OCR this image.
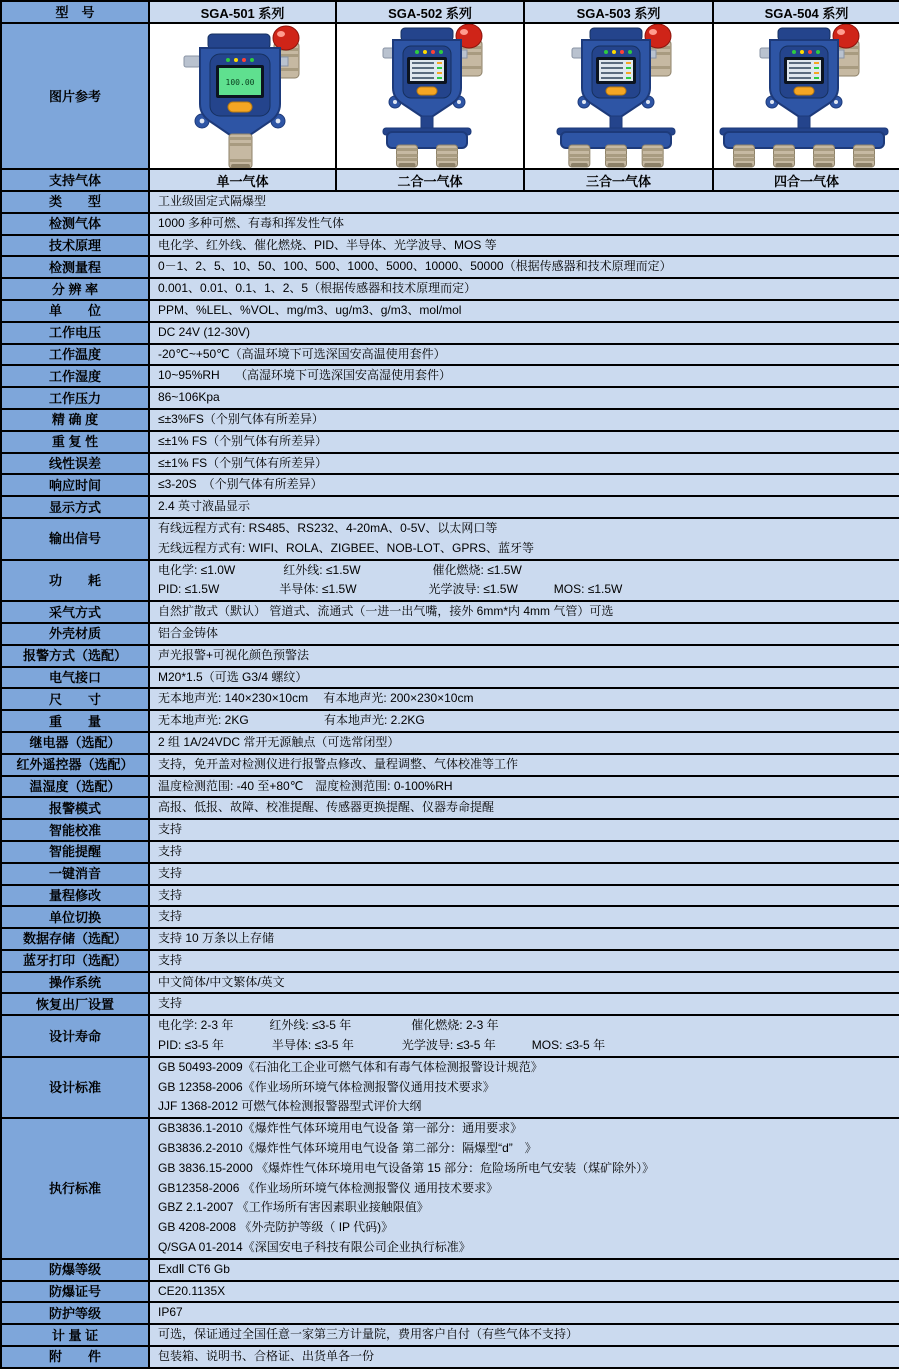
型　号	SGA-501 系列	SGA-502 系列	SGA-503 系列	SGA-504 系列
图片参考	100.00

支持气体	单一气体	二合一气体	三合一气体	四合一气体
类　　型	工业级固定式隔爆型			

检测气体	1000 多种可燃、有毒和挥发性气体			

技术原理	电化学、红外线、催化燃烧、PID、半导体、光学波导、MOS 等			

检测量程	0－1、2、5、10、50、100、500、1000、5000、10000、50000（根据传感器和技术原理而定）			

分 辨 率	0.001、0.01、0.1、1、2、5（根据传感器和技术原理而定）			

单　　位	PPM、%LEL、%VOL、mg/m3、ug/m3、g/m3、mol/mol			

工作电压	DC 24V (12-30V)			

工作温度	-20℃~+50℃（高温环境下可选深国安高温使用套件）			

工作湿度	10~95%RH　 （高湿环境下可选深国安高湿使用套件）			

工作压力	86~106Kpa			

精 确 度	≤±3%FS（个别气体有所差异）			

重 复 性	≤±1% FS（个别气体有所差异）			

线性误差	≤±1% FS（个别气体有所差异）			

响应时间	≤3-20S　（个别气体有所差异）			

显示方式	2.4 英寸液晶显示			

输出信号	有线远程方式有: RS485、RS232、4-20mA、0-5V、以太网口等
无线远程方式有: WIFI、ROLA、ZIGBEE、NOB-LOT、GPRS、蓝牙等			

功　　耗	电化学: ≤1.0W　　　　红外线: ≤1.5W　　　　　　催化燃烧: ≤1.5W
PID: ≤1.5W　　　　　半导体: ≤1.5W　　　　　　光学波导: ≤1.5W　　　MOS: ≤1.5W			

采气方式	自然扩散式（默认） 管道式、流通式（一进一出气嘴，接外 6mm*内 4mm 气管）可选			

外壳材质	铝合金铸体			

报警方式（选配）	声光报警+可视化颜色预警法			

电气接口	M20*1.5（可选 G3/4 螺纹）			

尺　　寸	无本地声光: 140×230×10cm　 有本地声光: 200×230×10cm			

重　　量	无本地声光: 2KG　　　　　　 有本地声光: 2.2KG			

继电器（选配）	2 组 1A/24VDC 常开无源触点（可选常闭型）			

红外遥控器（选配）	支持，免开盖对检测仪进行报警点修改、量程调整、气体校准等工作			

温湿度（选配）	温度检测范围: -40 至+80℃　湿度检测范围: 0-100%RH			

报警模式	高报、低报、故障、校准提醒、传感器更换提醒、仪器寿命提醒			

智能校准	支持			

智能提醒	支持			

一键消音	支持			

量程修改	支持			

单位切换	支持			

数据存储（选配）	支持 10 万条以上存储			

蓝牙打印（选配）	支持			

操作系统	中文简体/中文繁体/英文			

恢复出厂设置	支持			

设计寿命	电化学: 2-3 年　　　红外线: ≤3-5 年　　　　　催化燃烧: 2-3 年
PID: ≤3-5 年　　　　半导体: ≤3-5 年　　　　光学波导: ≤3-5 年　　　MOS: ≤3-5 年			

设计标准	GB 50493-2009《石油化工企业可燃气体和有毒气体检测报警设计规范》
GB 12358-2006《作业场所环境气体检测报警仪通用技术要求》
JJF 1368-2012 可燃气体检测报警器型式评价大纲			

执行标准	
GB3836.1-2010《爆炸性气体环境用电气设备 第一部分：通用要求》
GB3836.2-2010《爆炸性气体环境用电气设备 第二部分：隔爆型“d”　》
GB 3836.15-2000 《爆炸性气体环境用电气设备第 15 部分：危险场所电气安装（煤矿除外）》
GB12358-2006 《作业场所环境气体检测报警仪 通用技术要求》
GBZ 2.1-2007 《工作场所有害因素职业接触限值》
GB 4208-2008 《外壳防护等级（ IP 代码)》
Q/SGA 01-2014《深国安电子科技有限公司企业执行标准》

防爆等级	ExdⅡ CT6 Gb			

防爆证号	CE20.1135X			

防护等级	IP67			

计 量 证	可选，保证通过全国任意一家第三方计量院，费用客户自付（有些气体不支持）			

附　　件	包装箱、说明书、合格证、出货单各一份			
